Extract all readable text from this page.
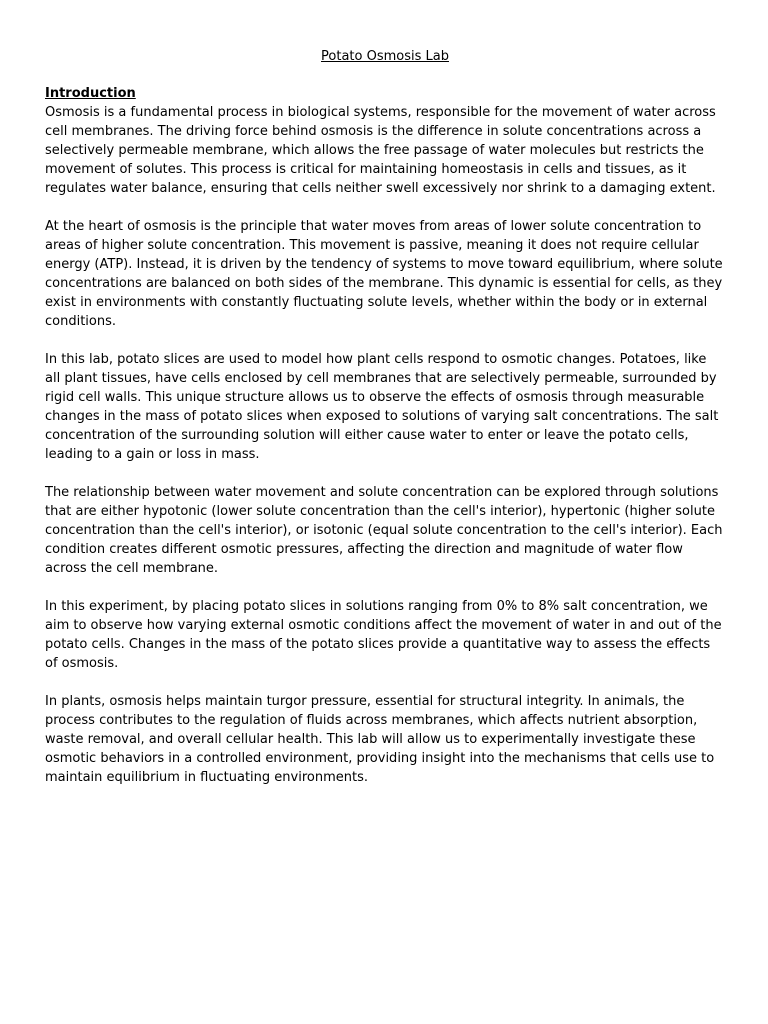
Potato Osmosis Lab
Introduction

Osmosis is a fundamental process in biological systems, responsible for the movement of water across cell membranes. The driving force behind osmosis is the difference in solute concentrations across a selectively permeable membrane, which allows the free passage of water molecules but restricts the movement of solutes. This process is critical for maintaining homeostasis in cells and tissues, as it regulates water balance, ensuring that cells neither swell excessively nor shrink to a damaging extent.

At the heart of osmosis is the principle that water moves from areas of lower solute concentration to areas of higher solute concentration. This movement is passive, meaning it does not require cellular energy (ATP). Instead, it is driven by the tendency of systems to move toward equilibrium, where solute concentrations are balanced on both sides of the membrane. This dynamic is essential for cells, as they exist in environments with constantly fluctuating solute levels, whether within the body or in external conditions.

In this lab, potato slices are used to model how plant cells respond to osmotic changes. Potatoes, like all plant tissues, have cells enclosed by cell membranes that are selectively permeable, surrounded by rigid cell walls. This unique structure allows us to observe the effects of osmosis through measurable changes in the mass of potato slices when exposed to solutions of varying salt concentrations. The salt concentration of the surrounding solution will either cause water to enter or leave the potato cells, leading to a gain or loss in mass.

The relationship between water movement and solute concentration can be explored through solutions that are either hypotonic (lower solute concentration than the cell's interior), hypertonic (higher solute concentration than the cell's interior), or isotonic (equal solute concentration to the cell's interior). Each condition creates different osmotic pressures, affecting the direction and magnitude of water flow across the cell membrane.

In this experiment, by placing potato slices in solutions ranging from 0% to 8% salt concentration, we aim to observe how varying external osmotic conditions affect the movement of water in and out of the potato cells. Changes in the mass of the potato slices provide a quantitative way to assess the effects of osmosis.

In plants, osmosis helps maintain turgor pressure, essential for structural integrity. In animals, the process contributes to the regulation of fluids across membranes, which affects nutrient absorption, waste removal, and overall cellular health. This lab will allow us to experimentally investigate these osmotic behaviors in a controlled environment, providing insight into the mechanisms that cells use to maintain equilibrium in fluctuating environments.
